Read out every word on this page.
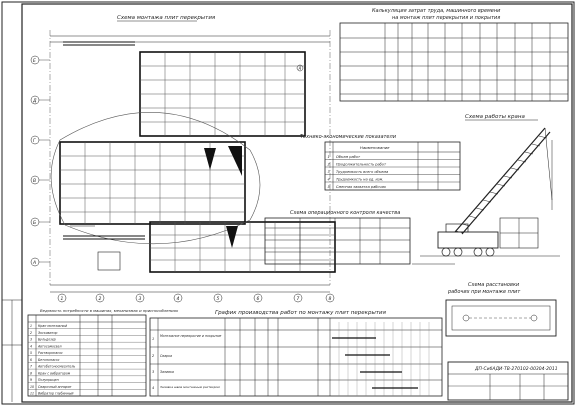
Схема монтажа плит перекрытия
Е
Д
Г
В
Б
А
1	2	3	4	5	6	7	8
А
Калькуляция затрат труда, машинного времени
на монтаж плит перекрытия и покрытия
Технико-экономические показатели
Наименование
1 Объем работ
2 Продолжительность работ
3 Трудоемкость всего объема
4 Трудоемкость на ед. изм.
5 Сменная захватка рабочих
Схема работы крана
Схема операционного контроля качества
Схема расстановки
рабочих при монтаже плит
График производства работ по монтажу плит перекрытия
1
Монтажное перекрытие и покрытие
2 Сварка
3 Заливка
4 Заливка швов монтажным раствором
Ведомость потребности в машинах, механизмах и приспособлениях
1 Кран монтажный
2	Экскаватор
3 Бульдозер
4	Автосамосвал
5 Растворонасос
6 Бетононасос
7	Автобетоносмеситель
8 Кран с вибратором
9 Полуприцеп
10 Сварочный аппарат
11 Вибратор глубинный
ДП-СибАДИ-ТВ-270102-00304-2011
